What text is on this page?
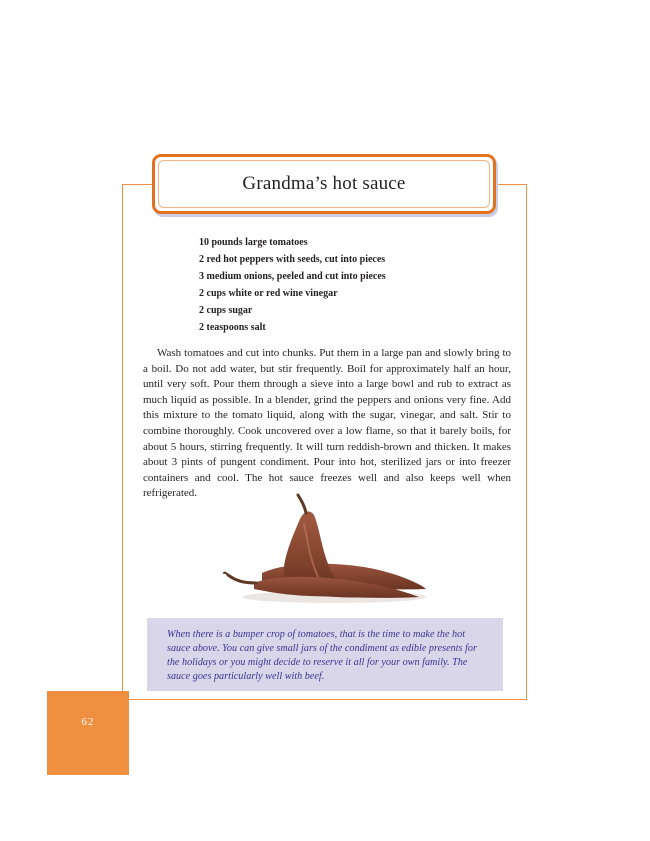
Grandma’s hot sauce
10 pounds large tomatoes
2 red hot peppers with seeds, cut into pieces
3 medium onions, peeled and cut into pieces
2 cups white or red wine vinegar
2 cups sugar
2 teaspoons salt

Wash tomatoes and cut into chunks. Put them in a large pan and slowly bring to a boil. Do not add water, but stir frequently. Boil for approximately half an hour, until very soft. Pour them through a sieve into a large bowl and rub to extract as much liquid as possible. In a blender, grind the peppers and onions very fine. Add this mixture to the tomato liquid, along with the sugar, vinegar, and salt. Stir to combine thoroughly. Cook uncovered over a low flame, so that it barely boils, for about 5 hours, stirring frequently. It will turn reddish-brown and thicken. It makes about 3 pints of pungent condiment. Pour into hot, sterilized jars or into freezer containers and cool. The hot sauce freezes well and also keeps well when refrigerated.

When there is a bumper crop of tomatoes, that is the time to make the hot sauce above. You can give small jars of the condiment as edible presents for the holidays or you might decide to reserve it all for your own family. The sauce goes particularly well with beef.

62
